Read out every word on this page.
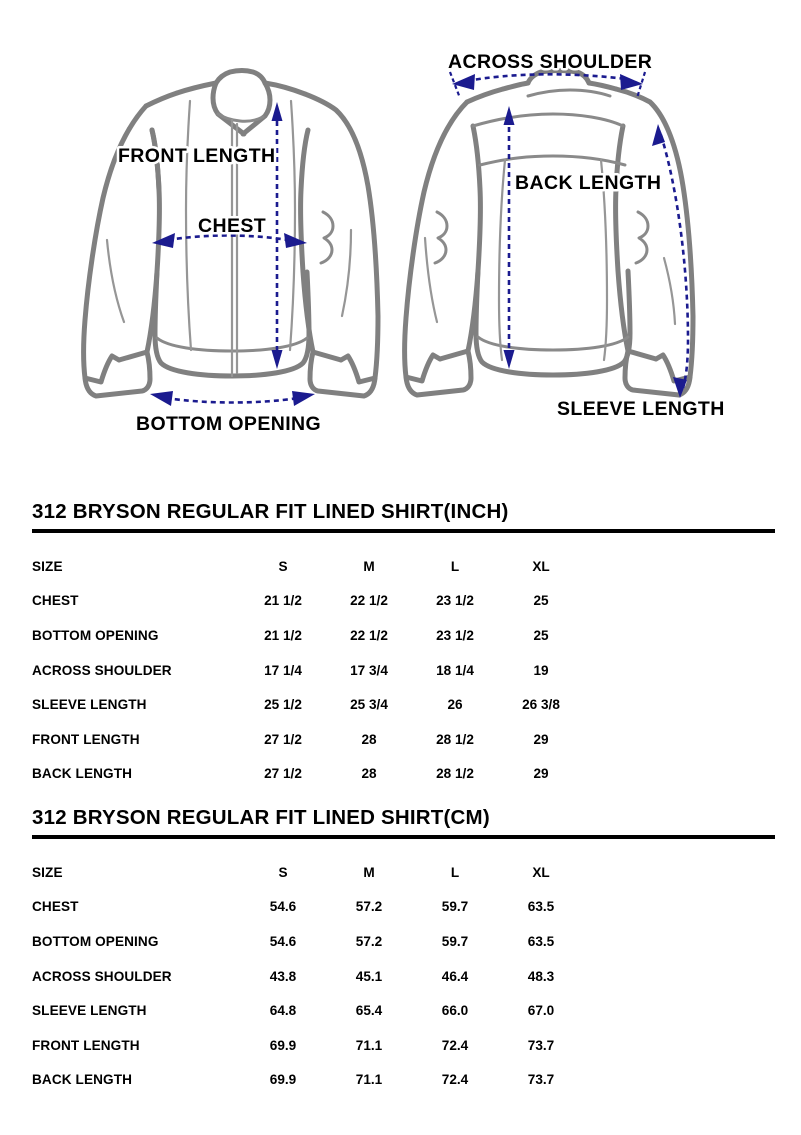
FRONT LENGTH
CHEST
BOTTOM OPENING
ACROSS SHOULDER
BACK LENGTH
SLEEVE LENGTH
312 BRYSON REGULAR FIT LINED SHIRT(INCH)
SIZE	S	M	L	XL
CHEST	21 1/2	22 1/2	23 1/2	25
BOTTOM OPENING	21 1/2	22 1/2	23 1/2	25
ACROSS SHOULDER	17 1/4	17 3/4	18 1/4	19
SLEEVE LENGTH	25 1/2	25 3/4	26	26 3/8
FRONT LENGTH	27 1/2	28	28 1/2	29
BACK LENGTH	27 1/2	28	28 1/2	29
312 BRYSON REGULAR FIT LINED SHIRT(CM)
SIZE	S	M	L	XL
CHEST	54.6	57.2	59.7	63.5
BOTTOM OPENING	54.6	57.2	59.7	63.5
ACROSS SHOULDER	43.8	45.1	46.4	48.3
SLEEVE LENGTH	64.8	65.4	66.0	67.0
FRONT LENGTH	69.9	71.1	72.4	73.7
BACK LENGTH	69.9	71.1	72.4	73.7
